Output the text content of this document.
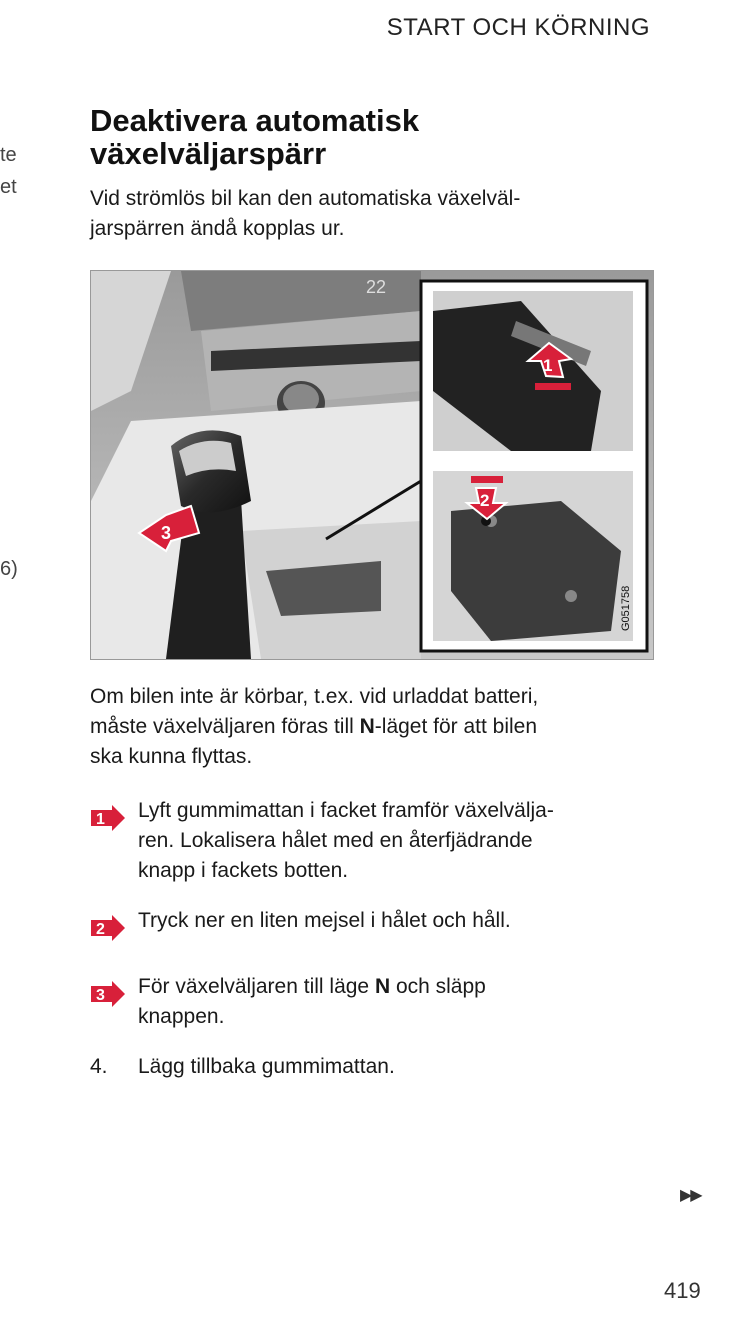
START OCH KÖRNING
te
et
6)
Deaktivera automatisk
växelväljarspärr

Vid strömlös bil kan den automatiska växelväl-
jarspärren ändå kopplas ur.

22
3
1
2
G051758

Om bilen inte är körbar, t.ex. vid urladdat batteri,
måste växelväljaren föras till N-läget för att bilen
ska kunna flyttas.

1 Lyft gummimattan i facket framför växelvälja-
ren. Lokalisera hålet med en återfjädrande
knapp i fackets botten.
2 Tryck ner en liten mejsel i hålet och håll.
3 För växelväljaren till läge N och släpp
knappen.
4. Lägg tillbaka gummimattan.
▶▶
419
